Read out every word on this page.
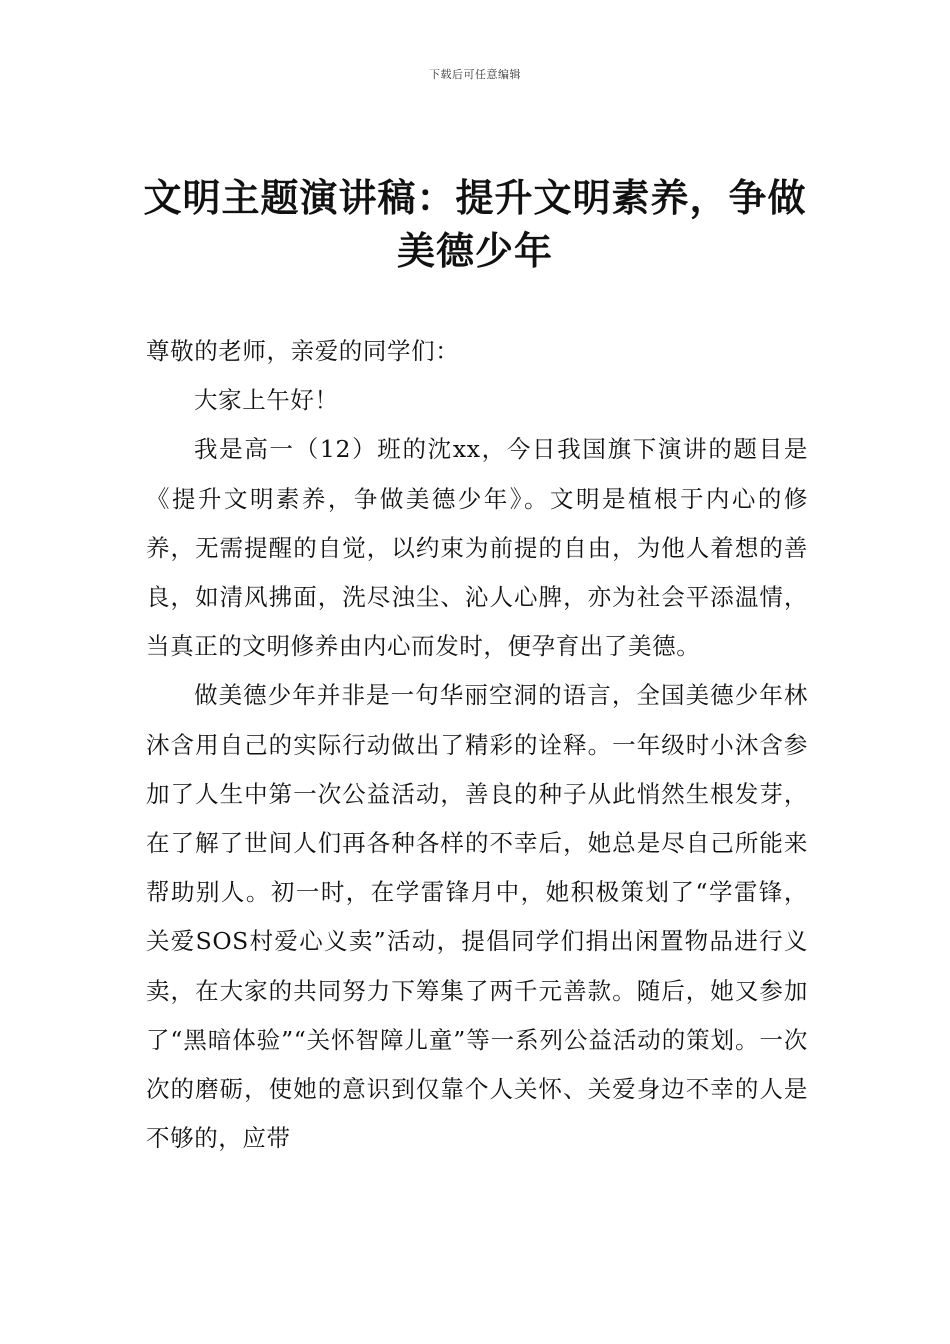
下载后可任意编辑
文明主题演讲稿：提升文明素养，争做美德少年

尊敬的老师，亲爱的同学们：

大家上午好！

我是高一（12）班的沈xx，今日我国旗下演讲的题目是《提升文明素养，争做美德少年》。文明是植根于内心的修养，无需提醒的自觉，以约束为前提的自由，为他人着想的善良，如清风拂面，洗尽浊尘、沁人心脾，亦为社会平添温情，当真正的文明修养由内心而发时，便孕育出了美德。

做美德少年并非是一句华丽空洞的语言，全国美德少年林沐含用自己的实际行动做出了精彩的诠释。一年级时小沐含参加了人生中第一次公益活动，善良的种子从此悄然生根发芽，在了解了世间人们再各种各样的不幸后，她总是尽自己所能来帮助别人。初一时，在学雷锋月中，她积极策划了“学雷锋，关爱SOS村爱心义卖”活动，提倡同学们捐出闲置物品进行义卖，在大家的共同努力下筹集了两千元善款。随后，她又参加了“黑暗体验”“关怀智障儿童”等一系列公益活动的策划。一次次的磨砺，使她的意识到仅靠个人关怀、关爱身边不幸的人是不够的，应带
